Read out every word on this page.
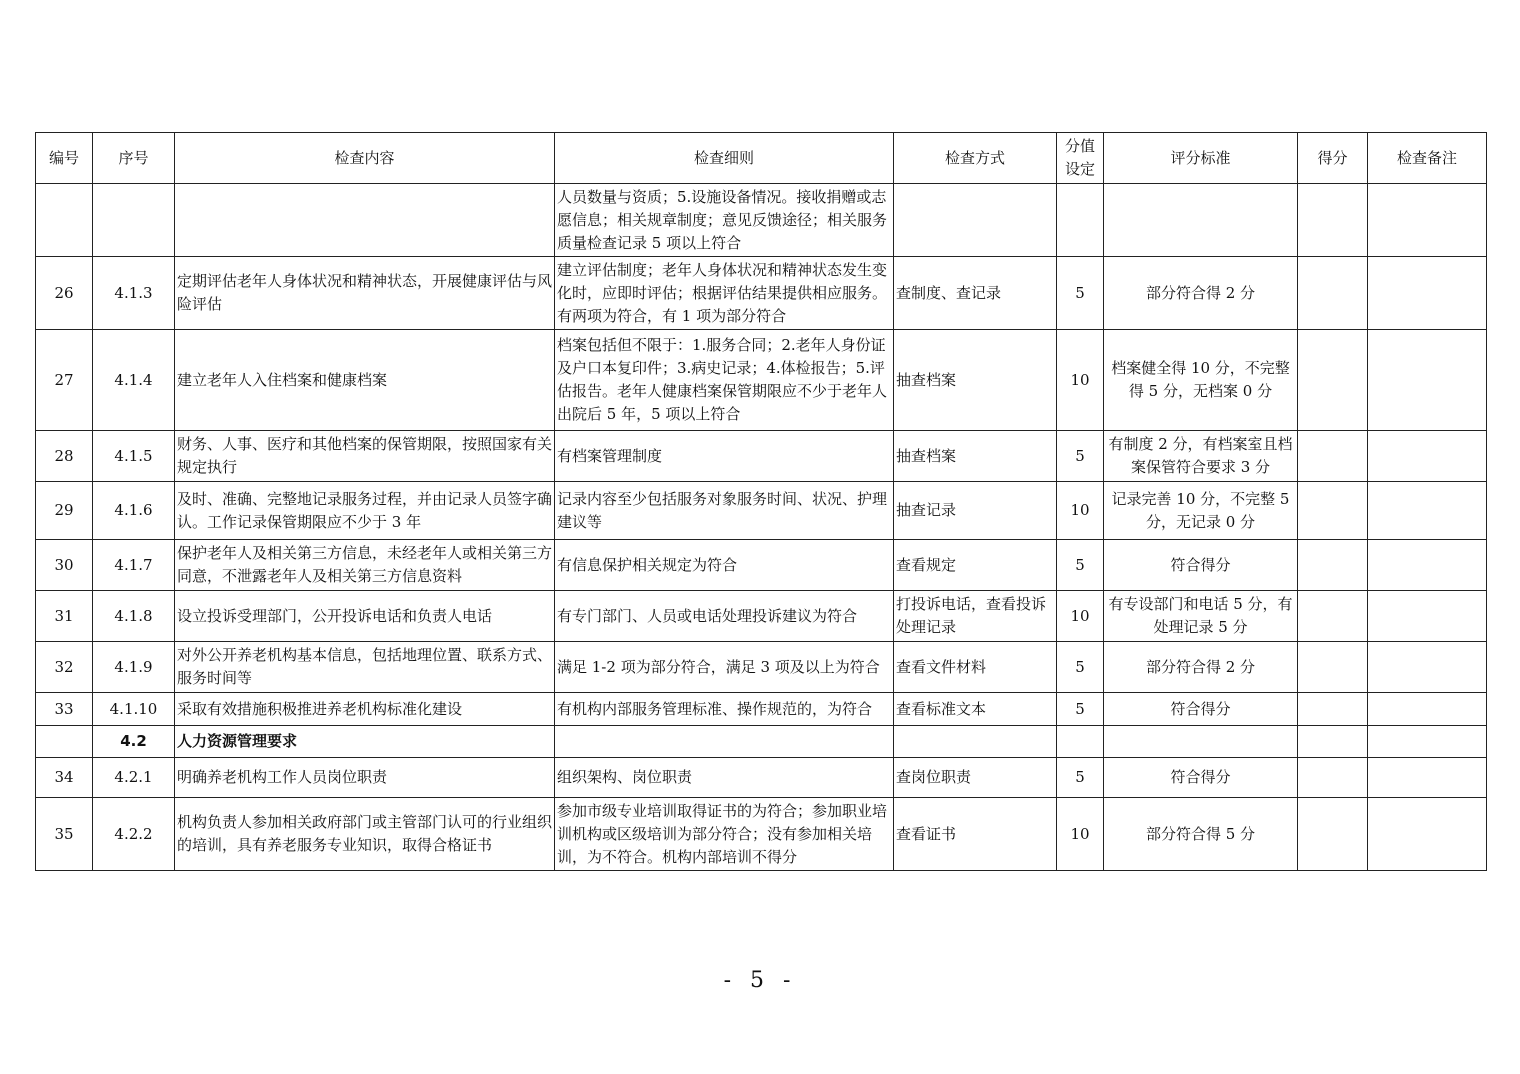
编号	序号	检查内容	检查细则	检查方式	分值设定	评分标准	得分	检查备注
			人员数量与资质；5.设施设备情况。接收捐赠或志愿信息；相关规章制度；意见反馈途径；相关服务质量检查记录 5 项以上符合					
26	4.1.3	定期评估老年人身体状况和精神状态，开展健康评估与风险评估	建立评估制度；老年人身体状况和精神状态发生变化时，应即时评估；根据评估结果提供相应服务。有两项为符合，有 1 项为部分符合	查制度、查记录	5	部分符合得 2 分		
27	4.1.4	建立老年人入住档案和健康档案	档案包括但不限于：1.服务合同；2.老年人身份证及户口本复印件；3.病史记录；4.体检报告；5.评估报告。老年人健康档案保管期限应不少于老年人出院后 5 年，5 项以上符合	抽查档案	10	档案健全得 10 分，不完整得 5 分，无档案 0 分		
28	4.1.5	财务、人事、医疗和其他档案的保管期限，按照国家有关规定执行	有档案管理制度	抽查档案	5	有制度 2 分，有档案室且档案保管符合要求 3 分		
29	4.1.6	及时、准确、完整地记录服务过程，并由记录人员签字确认。工作记录保管期限应不少于 3 年	记录内容至少包括服务对象服务时间、状况、护理建议等	抽查记录	10	记录完善 10 分，不完整 5 分，无记录 0 分		
30	4.1.7	保护老年人及相关第三方信息，未经老年人或相关第三方同意，不泄露老年人及相关第三方信息资料	有信息保护相关规定为符合	查看规定	5	符合得分		
31	4.1.8	设立投诉受理部门，公开投诉电话和负责人电话	有专门部门、人员或电话处理投诉建议为符合	打投诉电话，查看投诉处理记录	10	有专设部门和电话 5 分，有处理记录 5 分		
32	4.1.9	对外公开养老机构基本信息，包括地理位置、联系方式、服务时间等	满足 1-2 项为部分符合，满足 3 项及以上为符合	查看文件材料	5	部分符合得 2 分		
33	4.1.10	采取有效措施积极推进养老机构标准化建设	有机构内部服务管理标准、操作规范的，为符合	查看标准文本	5	符合得分		
	4.2	人力资源管理要求						
34	4.2.1	明确养老机构工作人员岗位职责	组织架构、岗位职责	查岗位职责	5	符合得分		
35	4.2.2	机构负责人参加相关政府部门或主管部门认可的行业组织的培训，具有养老服务专业知识，取得合格证书	参加市级专业培训取得证书的为符合；参加职业培训机构或区级培训为部分符合；没有参加相关培训，为不符合。机构内部培训不得分	查看证书	10	部分符合得 5 分		
- 5 -
